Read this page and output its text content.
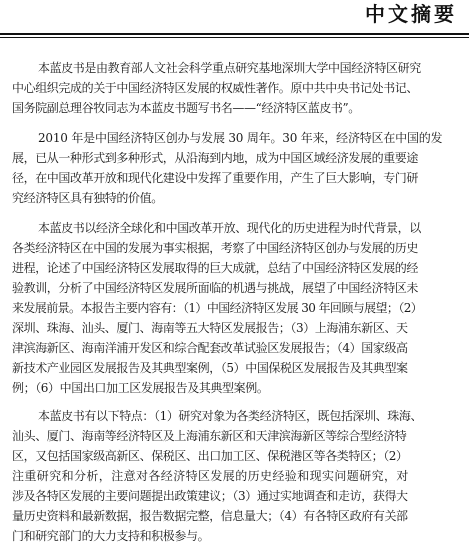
中文摘要
本蓝皮书是由教育部人文社会科学重点研究基地深圳大学中国经济特区研究
中心组织完成的关于中国经济特区发展的权威性著作。原中共中央书记处书记、
国务院副总理谷牧同志为本蓝皮书题写书名——“经济特区蓝皮书”。
2010 年是中国经济特区创办与发展 30 周年。30 年来，经济特区在中国的发
展，已从一种形式到多种形式，从沿海到内地，成为中国区域经济发展的重要途
径，在中国改革开放和现代化建设中发挥了重要作用，产生了巨大影响，专门研
究经济特区具有独特的价值。
本蓝皮书以经济全球化和中国改革开放、现代化的历史进程为时代背景，以
各类经济特区在中国的发展为事实根据，考察了中国经济特区创办与发展的历史
进程，论述了中国经济特区发展取得的巨大成就，总结了中国经济特区发展的经
验教训，分析了中国经济特区发展所面临的机遇与挑战，展望了中国经济特区未
来发展前景。本报告主要内容有：（1）中国经济特区发展 30 年回顾与展望；（2）
深圳、珠海、汕头、厦门、海南等五大特区发展报告；（3）上海浦东新区、天
津滨海新区、海南洋浦开发区和综合配套改革试验区发展报告；（4）国家级高
新技术产业园区发展报告及其典型案例，（5）中国保税区发展报告及其典型案
例；（6）中国出口加工区发展报告及其典型案例。
本蓝皮书有以下特点：（1）研究对象为各类经济特区，既包括深圳、珠海、
汕头、厦门、海南等经济特区及上海浦东新区和天津滨海新区等综合型经济特
区，又包括国家级高新区、保税区、出口加工区、保税港区等各类特区；（2）
注重研究和分析，注意对各经济特区发展的历史经验和现实问题研究，对
涉及各特区发展的主要问题提出政策建议；（3）通过实地调查和走访，获得大
量历史资料和最新数据，报告数据完整，信息量大；（4）有各特区政府有关部
门和研究部门的大力支持和积极参与。
